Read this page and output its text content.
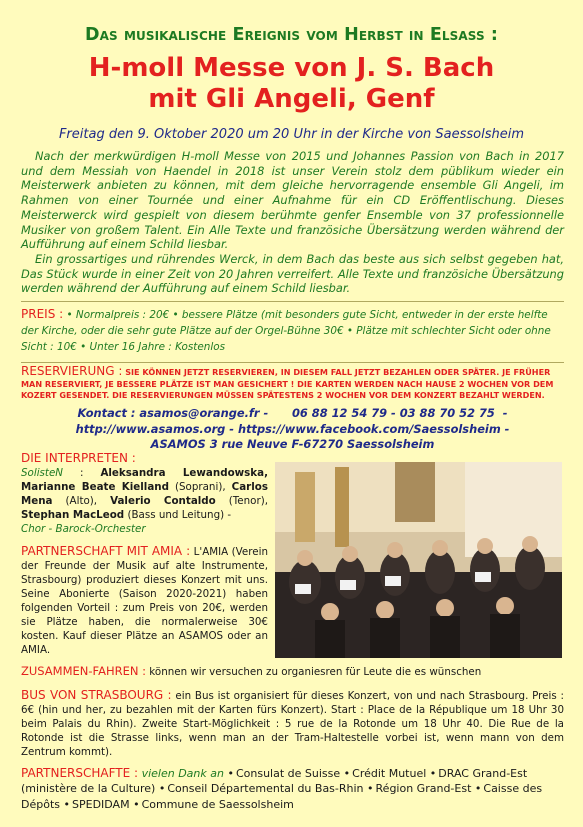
Das musikalische Ereignis vom Herbst in Elsass :
H-moll Messe von J. S. Bach
mit Gli Angeli, Genf
Freitag den 9. Oktober 2020 um 20 Uhr in der Kirche von Saessolsheim

Nach der merkwürdigen H-moll Messe von 2015 und Johannes Passion von Bach in 2017 und dem Messiah von Haendel in 2018 ist unser Verein stolz dem püblikum wieder ein Meisterwerk anbieten zu können, mit dem gleiche hervorragende ensemble Gli Angeli, im Rahmen von einer Tournée und einer Aufnahme für ein CD Eröffentlischung. Dieses Meisterwerck wird gespielt von diesem berühmte genfer Ensemble von 37 professionnelle Musiker von großem Talent. Ein Alle Texte und französiche Übersätzung werden während der Aufführung auf einem Schild liesbar.

Ein grossartiges und rührendes Werck, in dem Bach das beste aus sich selbst gegeben hat, Das Stück wurde in einer Zeit von 20 Jahren verreifert. Alle Texte und französiche Übersätzung werden während der Aufführung auf einem Schild liesbar.

PREIS : • Normalpreis : 20€ • bessere Plätze (mit besonders gute Sicht, entweder in der erste helfte der Kirche, oder die sehr gute Plätze auf der Orgel-Bühne 30€ • Plätze mit schlechter Sicht oder ohne Sicht : 10€ • Unter 16 Jahre : Kostenlos
RESERVIERUNG : SIE KÖNNEN JETZT RESERVIEREN, IN DIESEM FALL JETZT BEZAHLEN ODER SPÄTER. JE FRÜHER MAN RESERVIERT, JE BESSERE PLÄTZE IST MAN GESICHERT ! DIE KARTEN WERDEN NACH HAUSE 2 WOCHEN VOR DEM KOZERT GESENDET. DIE RESERVIERUNGEN MÜSSEN SPÄTESTENS 2 WOCHEN VOR DEM KONZERT BEZAHLT WERDEN.
Kontact : asamos@orange.fr -      06 88 12 54 79 - 03 88 70 52 75  -
http://www.asamos.org - https://www.facebook.com/Saessolsheim -
ASAMOS 3 rue Neuve F-67270 Saessolsheim
DIE INTERPRETEN :
SolisteN : Aleksandra Lewandowska, Marianne Beate Kielland (Soprani), Carlos Mena (Alto), Valerio Contaldo (Tenor), Stephan MacLeod (Bass und Leitung) -
Chor - Barock-Orchester
PARTNERSCHAFT MIT AMIA : L'AMIA (Verein der Freunde der Musik auf alte Instrumente, Strasbourg) produziert dieses Konzert mit uns. Seine Abonierte (Saison 2020-2021) haben folgenden Vorteil : zum Preis von 20€, werden sie Plätze haben, die normalerweise 30€ kosten. Kauf dieser Plätze an ASAMOS oder an AMIA.
ZUSAMMEN-FAHREN : können wir versuchen zu organiesren für Leute die es wünschen
BUS VON STRASBOURG : ein Bus ist organisiert für dieses Konzert, von und nach Strasbourg. Preis : 6€ (hin und her, zu bezahlen mit der Karten fürs Konzert). Start : Place de la République um 18 Uhr 30 beim Palais du Rhin). Zweite Start-Möglichkeit : 5 rue de la Rotonde um 18 Uhr 40. Die Rue de la Rotonde ist die Strasse links, wenn man an der Tram-Haltestelle vorbei ist, wenn mann von dem Zentrum kommt).
PARTNERSCHAFTE : vielen Dank an • Consulat de Suisse • Crédit Mutuel • DRAC Grand-Est (ministère de la Culture) • Conseil Départemental du Bas-Rhin • Région Grand-Est • Caisse des Dépôts • SPEDIDAM • Commune de Saessolsheim
